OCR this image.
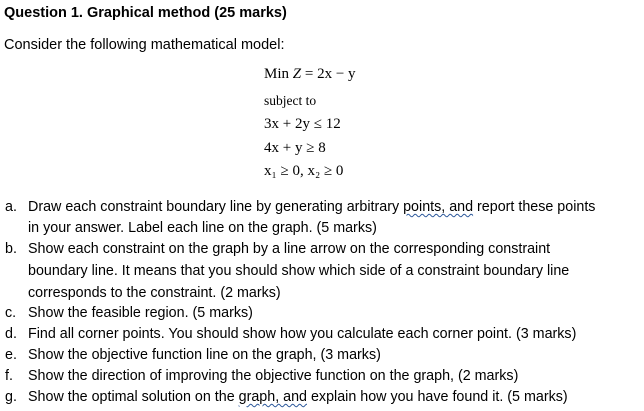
Question 1. Graphical method (25 marks)
Consider the following mathematical model:
Min Z = 2x − y
subject to
3x + 2y ≤ 12
4x + y ≥ 8
x₁ ≥ 0, x₂ ≥ 0
a. Draw each constraint boundary line by generating arbitrary points, and report these points
in your answer. Label each line on the graph. (5 marks)
b. Show each constraint on the graph by a line arrow on the corresponding constraint
boundary line. It means that you should show which side of a constraint boundary line
corresponds to the constraint. (2 marks)
c. Show the feasible region. (5 marks)
d. Find all corner points. You should show how you calculate each corner point. (3 marks)
e. Show the objective function line on the graph, (3 marks)
f. Show the direction of improving the objective function on the graph, (2 marks)
g. Show the optimal solution on the graph, and explain how you have found it. (5 marks)
